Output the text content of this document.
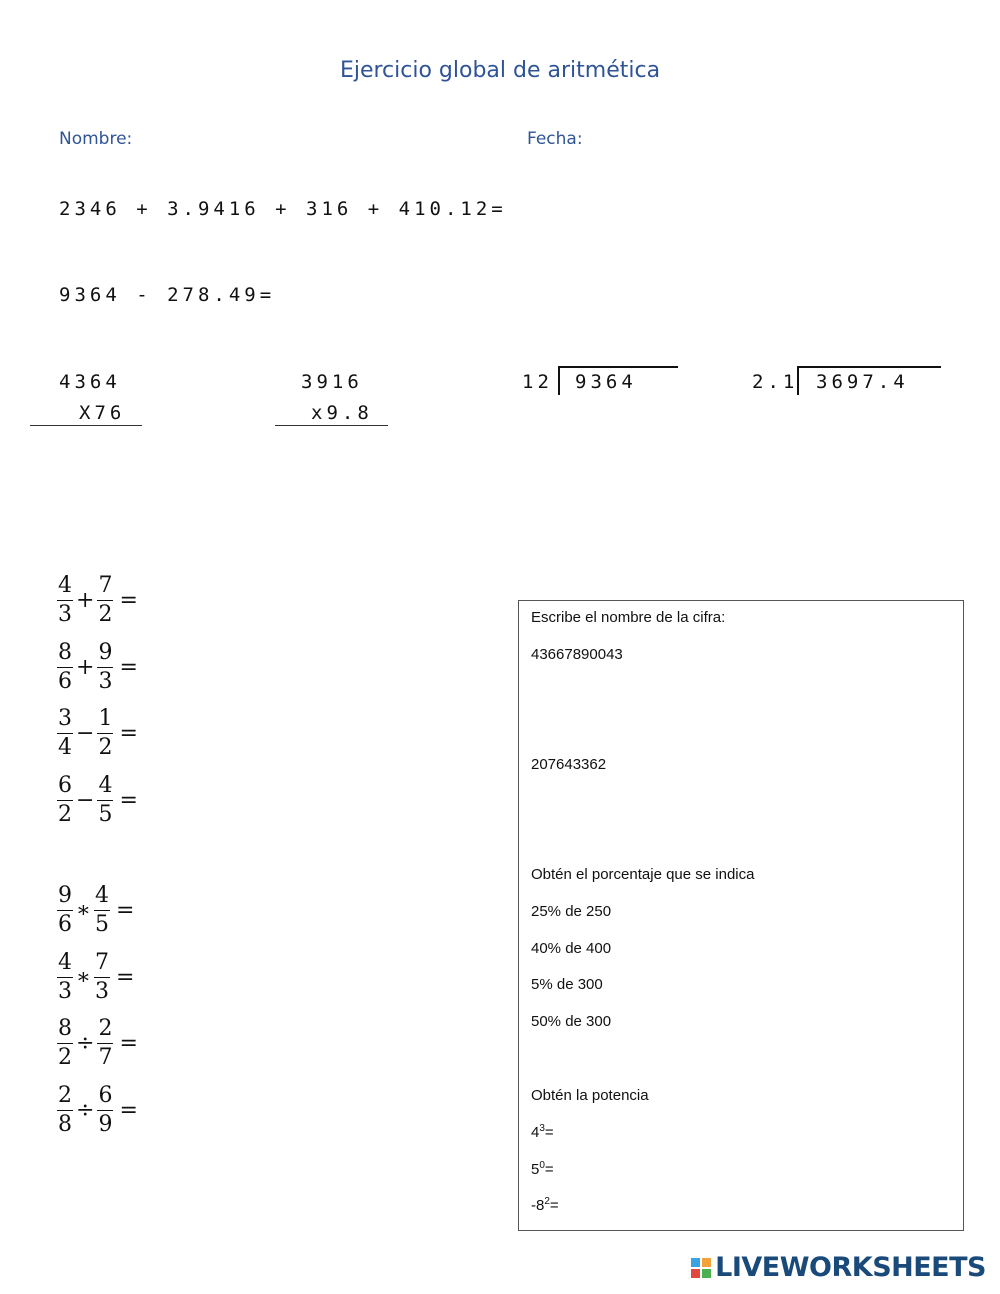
Ejercicio global de aritmética
Nombre:	Fecha:
2346 + 3.9416 + 316 + 410.12=
9364 - 278.49=
4364
X76
3916
x9.8
12 9364	2.1 3697.4
$\frac{4}{3} + \frac{7}{2}$ =
$\frac{8}{6} + \frac{9}{3}$ =
$\frac{3}{4} - \frac{1}{2}$ =
$\frac{6}{2} - \frac{4}{5}$ =
$\frac{9}{6}$ ∗ $\frac{4}{5}$ =
$\frac{4}{3}$ ∗ $\frac{7}{3}$ =
$\frac{8}{2} \div \frac{2}{7}$ =
$\frac{2}{8} \div \frac{6}{9}$ =
Escribe el nombre de la cifra:
43667890043
207643362
Obtén el porcentaje que se indica
25% de 250
40% de 400
5% de 300
50% de 300
Obtén la potencia
$4^3=$
$5^0=$
$-8^2=$
LIVEWORKSHEETS
